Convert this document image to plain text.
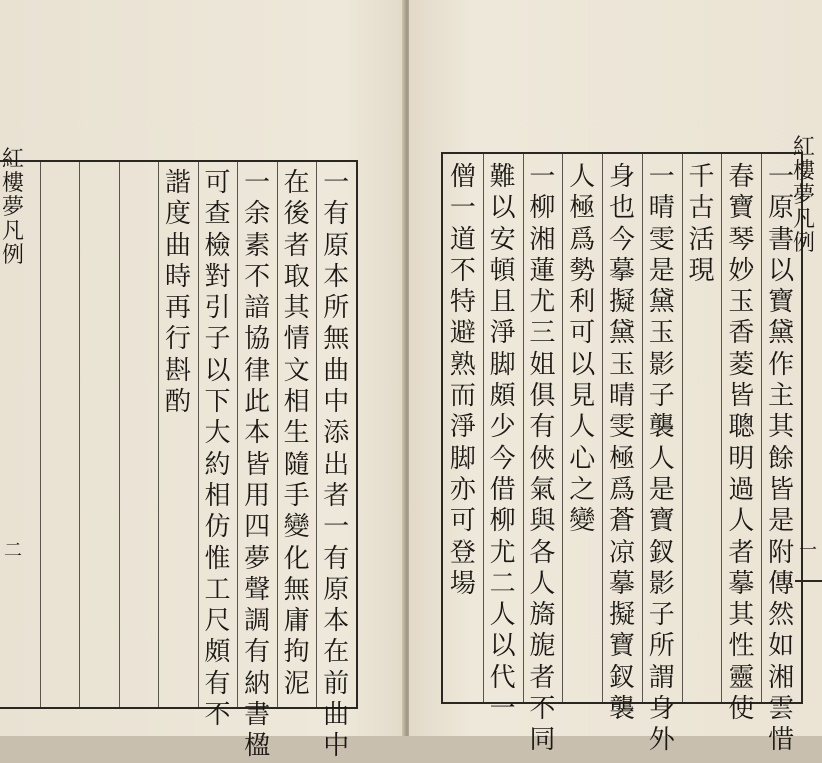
一
有
原
本
所
無
曲
中
添
出
者
一
有
原
本
在
前
曲
中
在
後
者
取
其
情
文
相
生
隨
手
變
化
無
庸
拘
泥
一
余
素
不
諳
協
律
此
本
皆
用
四
夢
聲
調
有
納
書
楹
可
查
檢
對
引
子
以
下
大
約
相
仿
惟
工
尺
頗
有
不
諧
度
曲
時
再
行
斟
酌
紅
樓
夢
凡
例
二
一
原
書
以
寶
黛
作
主
其
餘
皆
是
附
傳
然
如
湘
雲
惜
春
寶
琴
妙
玉
香
菱
皆
聰
明
過
人
者
摹
其
性
靈
使
千
古
活
現
一
晴
雯
是
黛
玉
影
子
襲
人
是
寶
釵
影
子
所
謂
身
外
身
也
今
摹
擬
黛
玉
晴
雯
極
爲
蒼
凉
摹
擬
寶
釵
襲
人
極
爲
勢
利
可
以
見
人
心
之
變
一
柳
湘
蓮
尤
三
姐
俱
有
俠
氣
與
各
人
旖
旎
者
不
同
難
以
安
頓
且
淨
脚
頗
少
今
借
柳
尤
二
人
以
代
一
僧
一
道
不
特
避
熟
而
淨
脚
亦
可
登
場
紅
樓
夢
凡
例
一
